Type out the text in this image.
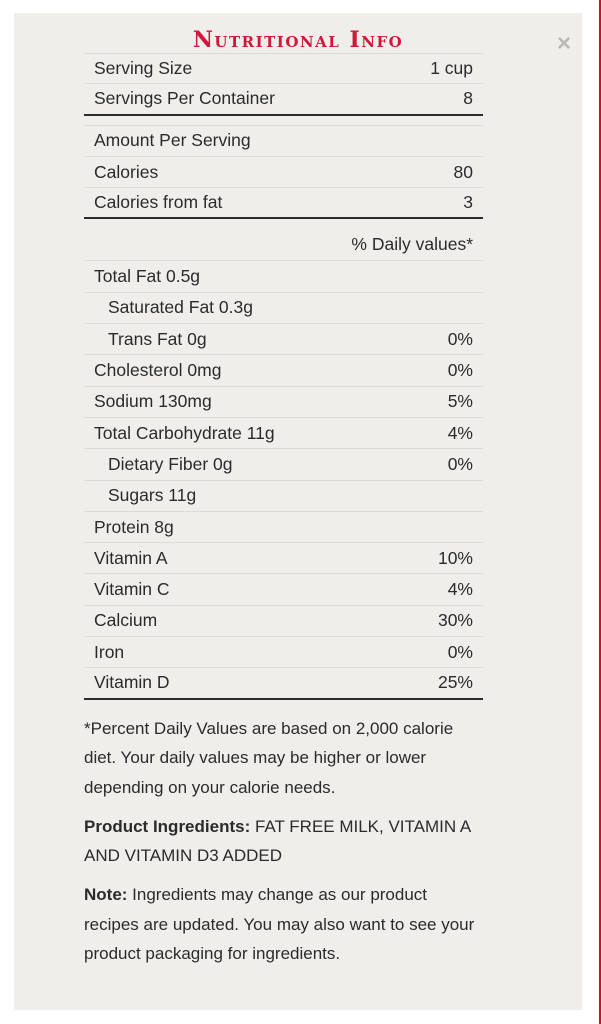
×
Nutritional Info
Serving Size	1 cup
Servings Per Container	8
Amount Per Serving
Calories	80
Calories from fat	3
% Daily values*
Total Fat 0.5g
Saturated Fat 0.3g
Trans Fat 0g	0%
Cholesterol 0mg	0%
Sodium 130mg	5%
Total Carbohydrate 11g	4%
Dietary Fiber 0g	0%
Sugars 11g
Protein 8g
Vitamin A	10%
Vitamin C	4%
Calcium	30%
Iron	0%
Vitamin D	25%

*Percent Daily Values are based on 2,000 calorie diet. Your daily values may be higher or lower depending on your calorie needs.

Product Ingredients: FAT FREE MILK, VITAMIN A AND VITAMIN D3 ADDED

Note: Ingredients may change as our product recipes are updated. You may also want to see your product packaging for ingredients.
